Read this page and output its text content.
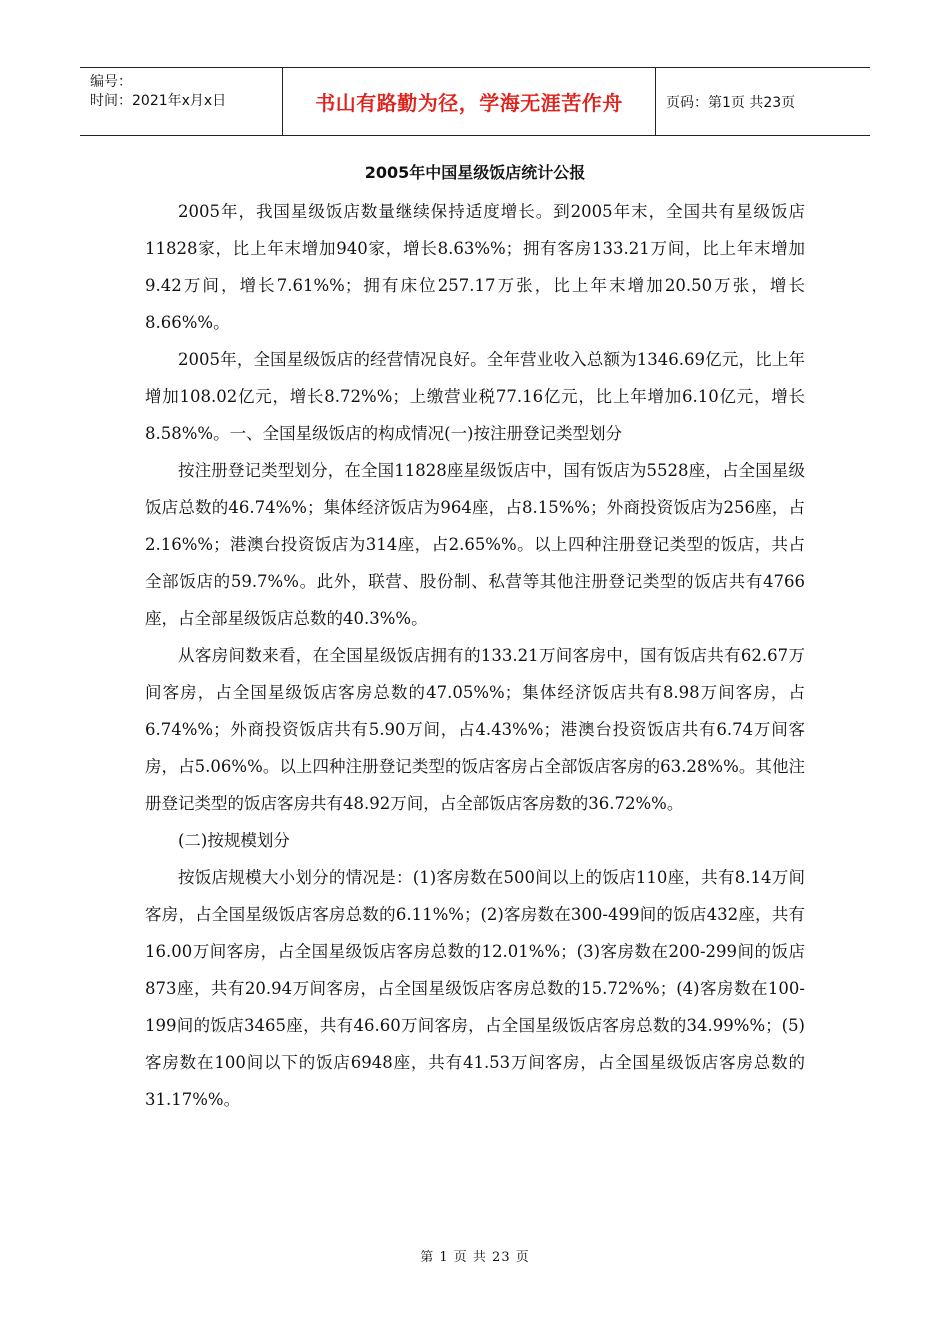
编号：
时间：2021年x月x日	书山有路勤为径，学海无涯苦作舟	页码：第1页 共23页
2005年中国星级饭店统计公报

2005年，我国星级饭店数量继续保持适度增长。到2005年末，全国共有星级饭店11828家，比上年末增加940家，增长8.63%%；拥有客房133.21万间，比上年末增加9.42万间，增长7.61%%；拥有床位257.17万张，比上年末增加20.50万张，增长8.66%%。

2005年，全国星级饭店的经营情况良好。全年营业收入总额为1346.69亿元，比上年增加108.02亿元，增长8.72%%；上缴营业税77.16亿元，比上年增加6.10亿元，增长8.58%%。一、全国星级饭店的构成情况(一)按注册登记类型划分

按注册登记类型划分，在全国11828座星级饭店中，国有饭店为5528座，占全国星级饭店总数的46.74%%；集体经济饭店为964座，占8.15%%；外商投资饭店为256座，占2.16%%；港澳台投资饭店为314座，占2.65%%。以上四种注册登记类型的饭店，共占全部饭店的59.7%%。此外，联营、股份制、私营等其他注册登记类型的饭店共有4766座，占全部星级饭店总数的40.3%%。

从客房间数来看，在全国星级饭店拥有的133.21万间客房中，国有饭店共有62.67万间客房，占全国星级饭店客房总数的47.05%%；集体经济饭店共有8.98万间客房，占6.74%%；外商投资饭店共有5.90万间，占4.43%%；港澳台投资饭店共有6.74万间客房，占5.06%%。以上四种注册登记类型的饭店客房占全部饭店客房的63.28%%。其他注册登记类型的饭店客房共有48.92万间，占全部饭店客房数的36.72%%。

(二)按规模划分

按饭店规模大小划分的情况是：(1)客房数在500间以上的饭店110座，共有8.14万间客房，占全国星级饭店客房总数的6.11%%；(2)客房数在300-499间的饭店432座，共有16.00万间客房，占全国星级饭店客房总数的12.01%%；(3)客房数在200-299间的饭店873座，共有20.94万间客房，占全国星级饭店客房总数的15.72%%；(4)客房数在100-199间的饭店3465座，共有46.60万间客房，占全国星级饭店客房总数的34.99%%；(5)客房数在100间以下的饭店6948座，共有41.53万间客房，占全国星级饭店客房总数的31.17%%。

第 1 页 共 23 页
